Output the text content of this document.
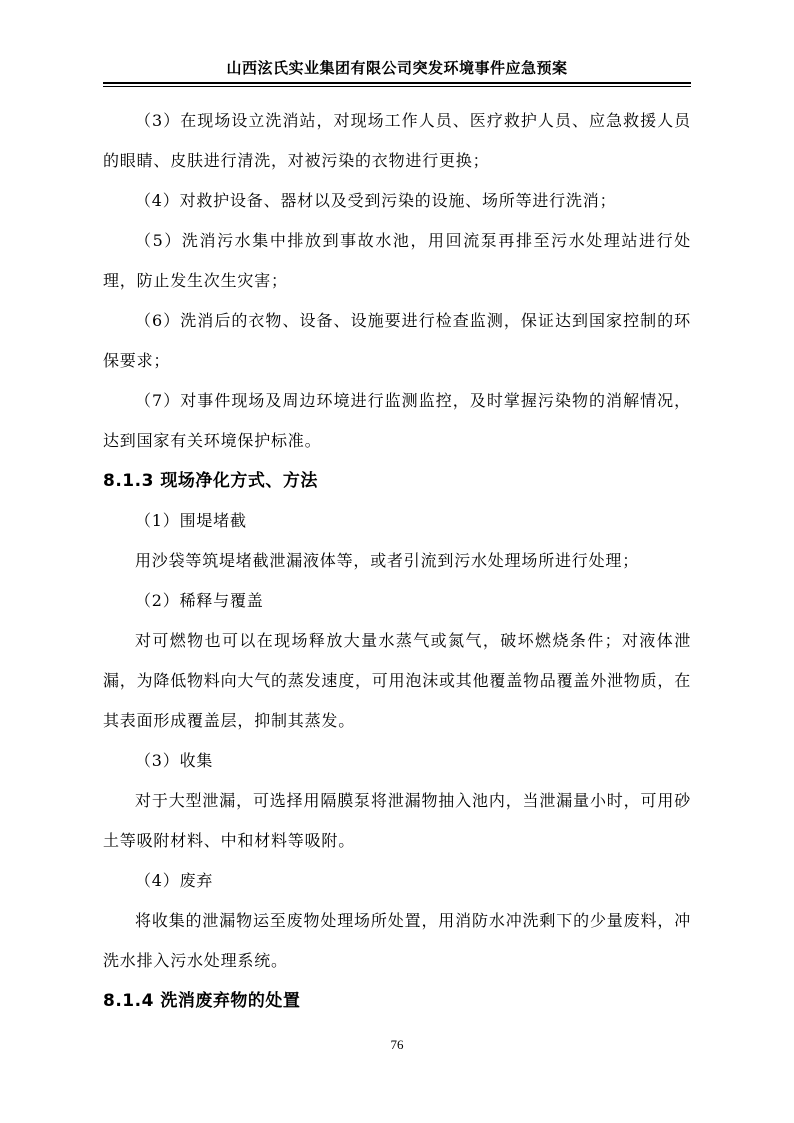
山西泫氏实业集团有限公司突发环境事件应急预案

（3）在现场设立洗消站，对现场工作人员、医疗救护人员、应急救援人员的眼睛、皮肤进行清洗，对被污染的衣物进行更换；

（4）对救护设备、器材以及受到污染的设施、场所等进行洗消；

（5）洗消污水集中排放到事故水池，用回流泵再排至污水处理站进行处理，防止发生次生灾害；

（6）洗消后的衣物、设备、设施要进行检查监测，保证达到国家控制的环保要求；

（7）对事件现场及周边环境进行监测监控，及时掌握污染物的消解情况，达到国家有关环境保护标准。

8.1.3 现场净化方式、方法

（1）围堤堵截

用沙袋等筑堤堵截泄漏液体等，或者引流到污水处理场所进行处理；

（2）稀释与覆盖

对可燃物也可以在现场释放大量水蒸气或氮气，破坏燃烧条件；对液体泄漏，为降低物料向大气的蒸发速度，可用泡沫或其他覆盖物品覆盖外泄物质，在其表面形成覆盖层，抑制其蒸发。

（3）收集

对于大型泄漏，可选择用隔膜泵将泄漏物抽入池内，当泄漏量小时，可用砂土等吸附材料、中和材料等吸附。

（4）废弃

将收集的泄漏物运至废物处理场所处置，用消防水冲洗剩下的少量废料，冲洗水排入污水处理系统。

8.1.4 洗消废弃物的处置
76
